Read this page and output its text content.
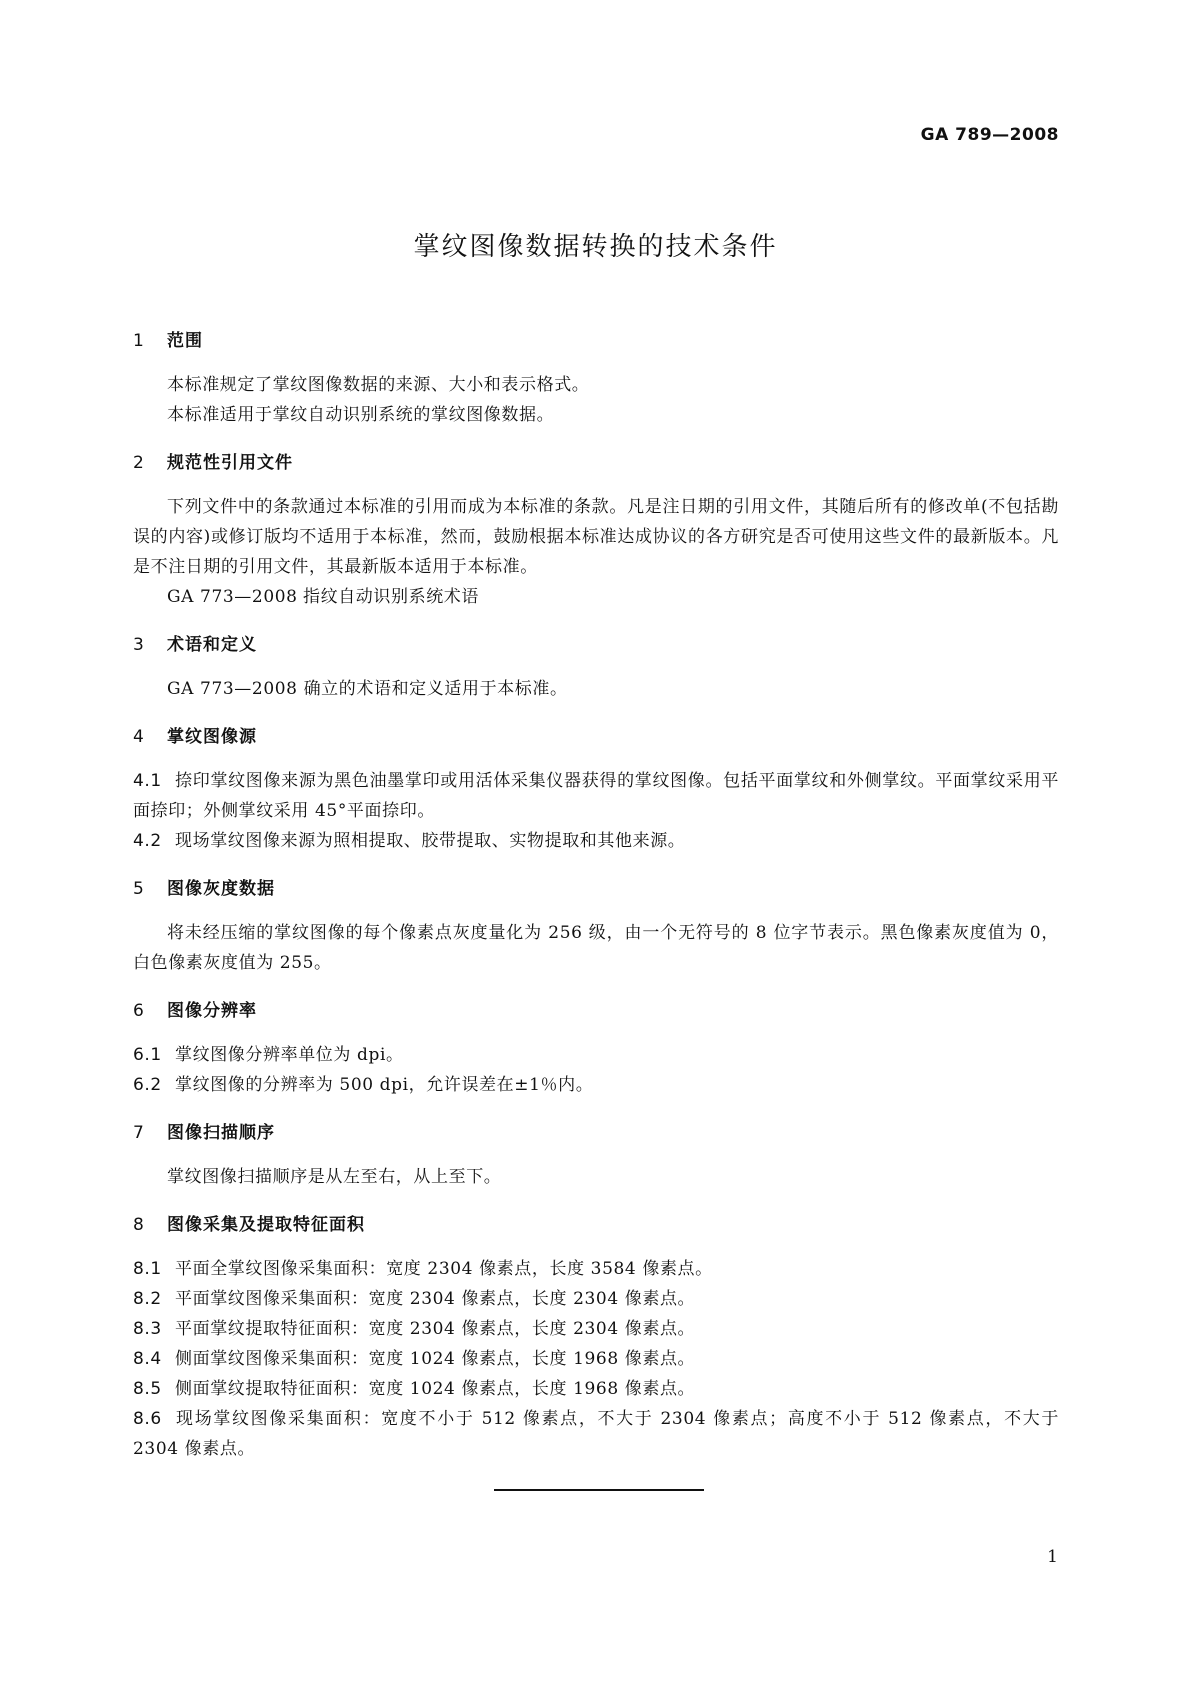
GA 789—2008
掌纹图像数据转换的技术条件
1 范围

本标准规定了掌纹图像数据的来源、大小和表示格式。

本标准适用于掌纹自动识别系统的掌纹图像数据。

2 规范性引用文件

下列文件中的条款通过本标准的引用而成为本标准的条款。凡是注日期的引用文件，其随后所有的修改单(不包括勘误的内容)或修订版均不适用于本标准，然而，鼓励根据本标准达成协议的各方研究是否可使用这些文件的最新版本。凡是不注日期的引用文件，其最新版本适用于本标准。

GA 773—2008 指纹自动识别系统术语

3 术语和定义

GA 773—2008 确立的术语和定义适用于本标准。

4 掌纹图像源

4.1 捺印掌纹图像来源为黑色油墨掌印或用活体采集仪器获得的掌纹图像。包括平面掌纹和外侧掌纹。平面掌纹采用平面捺印；外侧掌纹采用 45°平面捺印。

4.2 现场掌纹图像来源为照相提取、胶带提取、实物提取和其他来源。

5 图像灰度数据

将未经压缩的掌纹图像的每个像素点灰度量化为 256 级，由一个无符号的 8 位字节表示。黑色像素灰度值为 0，白色像素灰度值为 255。

6 图像分辨率

6.1 掌纹图像分辨率单位为 dpi。

6.2 掌纹图像的分辨率为 500 dpi，允许误差在±1％内。

7 图像扫描顺序

掌纹图像扫描顺序是从左至右，从上至下。

8 图像采集及提取特征面积

8.1 平面全掌纹图像采集面积：宽度 2304 像素点，长度 3584 像素点。

8.2 平面掌纹图像采集面积：宽度 2304 像素点，长度 2304 像素点。

8.3 平面掌纹提取特征面积：宽度 2304 像素点，长度 2304 像素点。

8.4 侧面掌纹图像采集面积：宽度 1024 像素点，长度 1968 像素点。

8.5 侧面掌纹提取特征面积：宽度 1024 像素点，长度 1968 像素点。

8.6 现场掌纹图像采集面积：宽度不小于 512 像素点，不大于 2304 像素点；高度不小于 512 像素点，不大于 2304 像素点。

1
